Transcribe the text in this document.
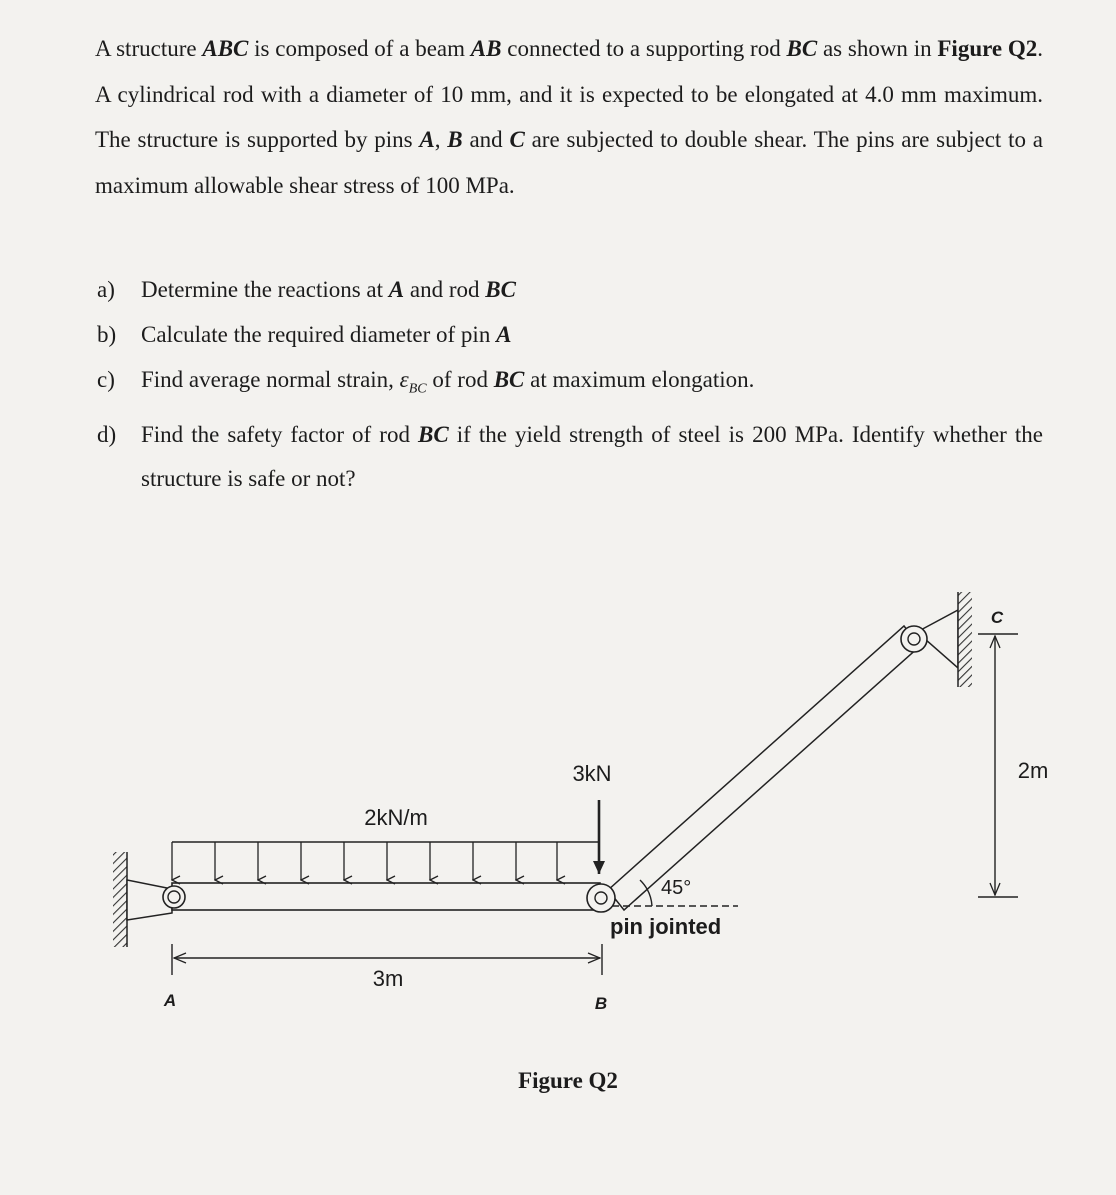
A structure ABC is composed of a beam AB connected to a supporting rod BC as shown in Figure Q2. A cylindrical rod with a diameter of 10 mm, and it is expected to be elongated at 4.0 mm maximum. The structure is supported by pins A, B and C are subjected to double shear. The pins are subject to a maximum allowable shear stress of 100 MPa.
a) Determine the reactions at A and rod BC
b) Calculate the required diameter of pin A
c) Find average normal strain, $\varepsilon_{BC}$ of rod BC at maximum elongation.
d) Find the safety factor of rod BC if the yield strength of steel is 200 MPa. Identify whether the structure is safe or not?
2kN/m
3kN
45°
pin jointed
C
2m
3m
A	B
Figure Q2
